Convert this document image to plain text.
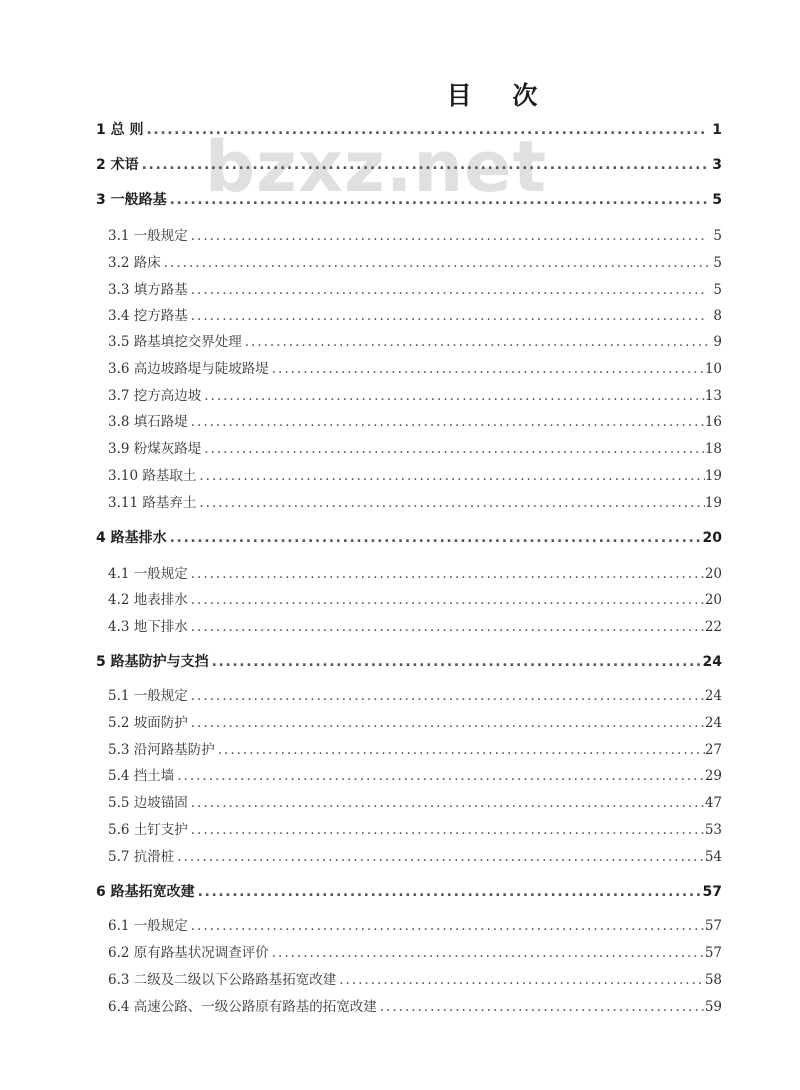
目 次
bzxz.net
1 总 则 .....	1
2 术语 .....	3
3 一般路基 .....	5
3.1 一般规定 .....	5
3.2 路床 .....	5
3.3 填方路基 .....	5
3.4 挖方路基 .....	8
3.5 路基填挖交界处理 .....	9
3.6 高边坡路堤与陡坡路堤 .....	10
3.7 挖方高边坡 .....	13
3.8 填石路堤 .....	16
3.9 粉煤灰路堤 .....	18
3.10 路基取土 .....	19
3.11 路基弃土 .....	19
4 路基排水 .....	20
4.1 一般规定 .....	20
4.2 地表排水 .....	20
4.3 地下排水 .....	22
5 路基防护与支挡 .....	24
5.1 一般规定 .....	24
5.2 坡面防护 .....	24
5.3 沿河路基防护 .....	27
5.4 挡土墙 .....	29
5.5 边坡锚固 .....	47
5.6 土钉支护 .....	53
5.7 抗滑桩 .....	54
6 路基拓宽改建 .....	57
6.1 一般规定 .....	57
6.2 原有路基状况调查评价 .....	57
6.3 二级及二级以下公路路基拓宽改建 .....	58
6.4 高速公路、一级公路原有路基的拓宽改建 .....	59
